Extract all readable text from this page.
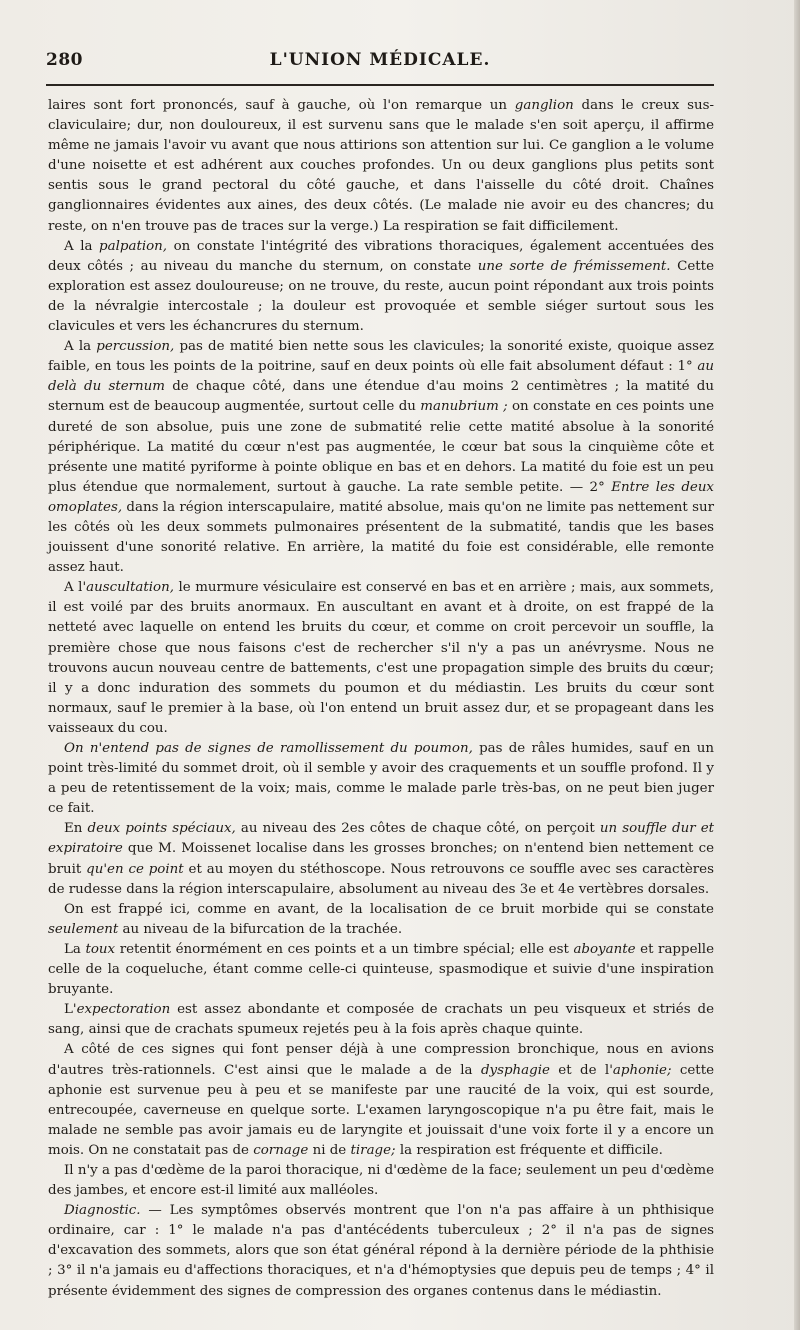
280	L'UNION MÉDICALE.

laires sont fort prononcés, sauf à gauche, où l'on remarque un ganglion dans le creux sus-claviculaire; dur, non douloureux, il est survenu sans que le malade s'en soit aperçu, il affirme même ne jamais l'avoir vu avant que nous attirions son attention sur lui. Ce ganglion a le volume d'une noisette et est adhérent aux couches profondes. Un ou deux ganglions plus petits sont sentis sous le grand pectoral du côté gauche, et dans l'aisselle du côté droit. Chaînes ganglionnaires évidentes aux aines, des deux côtés. (Le malade nie avoir eu des chancres; du reste, on n'en trouve pas de traces sur la verge.) La respiration se fait difficilement.

A la palpation, on constate l'intégrité des vibrations thoraciques, également accentuées des deux côtés ; au niveau du manche du sternum, on constate une sorte de frémissement. Cette exploration est assez douloureuse; on ne trouve, du reste, aucun point répondant aux trois points de la névralgie intercostale ; la douleur est provoquée et semble siéger surtout sous les clavicules et vers les échancrures du sternum.

A la percussion, pas de matité bien nette sous les clavicules; la sonorité existe, quoique assez faible, en tous les points de la poitrine, sauf en deux points où elle fait absolument défaut : 1° au delà du sternum de chaque côté, dans une étendue d'au moins 2 centimètres ; la matité du sternum est de beaucoup augmentée, surtout celle du manubrium ; on constate en ces points une dureté de son absolue, puis une zone de submatité relie cette matité absolue à la sonorité périphérique. La matité du cœur n'est pas augmentée, le cœur bat sous la cinquième côte et présente une matité pyriforme à pointe oblique en bas et en dehors. La matité du foie est un peu plus étendue que normalement, surtout à gauche. La rate semble petite. — 2° Entre les deux omoplates, dans la région interscapulaire, matité absolue, mais qu'on ne limite pas nettement sur les côtés où les deux sommets pulmonaires présentent de la submatité, tandis que les bases jouissent d'une sonorité relative. En arrière, la matité du foie est considérable, elle remonte assez haut.

A l'auscultation, le murmure vésiculaire est conservé en bas et en arrière ; mais, aux sommets, il est voilé par des bruits anormaux. En auscultant en avant et à droite, on est frappé de la netteté avec laquelle on entend les bruits du cœur, et comme on croit percevoir un souffle, la première chose que nous faisons c'est de rechercher s'il n'y a pas un anévrysme. Nous ne trouvons aucun nouveau centre de battements, c'est une propagation simple des bruits du cœur; il y a donc induration des sommets du poumon et du médiastin. Les bruits du cœur sont normaux, sauf le premier à la base, où l'on entend un bruit assez dur, et se propageant dans les vaisseaux du cou.

On n'entend pas de signes de ramollissement du poumon, pas de râles humides, sauf en un point très-limité du sommet droit, où il semble y avoir des craquements et un souffle profond. Il y a peu de retentissement de la voix; mais, comme le malade parle très-bas, on ne peut bien juger ce fait.

En deux points spéciaux, au niveau des 2es côtes de chaque côté, on perçoit un souffle dur et expiratoire que M. Moissenet localise dans les grosses bronches; on n'entend bien nettement ce bruit qu'en ce point et au moyen du stéthoscope. Nous retrouvons ce souffle avec ses caractères de rudesse dans la région interscapulaire, absolument au niveau des 3e et 4e vertèbres dorsales.

On est frappé ici, comme en avant, de la localisation de ce bruit morbide qui se constate seulement au niveau de la bifurcation de la trachée.

La toux retentit énormément en ces points et a un timbre spécial; elle est aboyante et rappelle celle de la coqueluche, étant comme celle-ci quinteuse, spasmodique et suivie d'une inspiration bruyante.

L'expectoration est assez abondante et composée de crachats un peu visqueux et striés de sang, ainsi que de crachats spumeux rejetés peu à la fois après chaque quinte.

A côté de ces signes qui font penser déjà à une compression bronchique, nous en avions d'autres très-rationnels. C'est ainsi que le malade a de la dysphagie et de l'aphonie; cette aphonie est survenue peu à peu et se manifeste par une raucité de la voix, qui est sourde, entrecoupée, caverneuse en quelque sorte. L'examen laryngoscopique n'a pu être fait, mais le malade ne semble pas avoir jamais eu de laryngite et jouissait d'une voix forte il y a encore un mois. On ne constatait pas de cornage ni de tirage; la respiration est fréquente et difficile.

Il n'y a pas d'œdème de la paroi thoracique, ni d'œdème de la face; seulement un peu d'œdème des jambes, et encore est-il limité aux malléoles.

Diagnostic. — Les symptômes observés montrent que l'on n'a pas affaire à un phthisique ordinaire, car : 1° le malade n'a pas d'antécédents tuberculeux ; 2° il n'a pas de signes d'excavation des sommets, alors que son état général répond à la dernière période de la phthisie ; 3° il n'a jamais eu d'affections thoraciques, et n'a d'hémoptysies que depuis peu de temps ; 4° il présente évidemment des signes de compression des organes contenus dans le médiastin.
